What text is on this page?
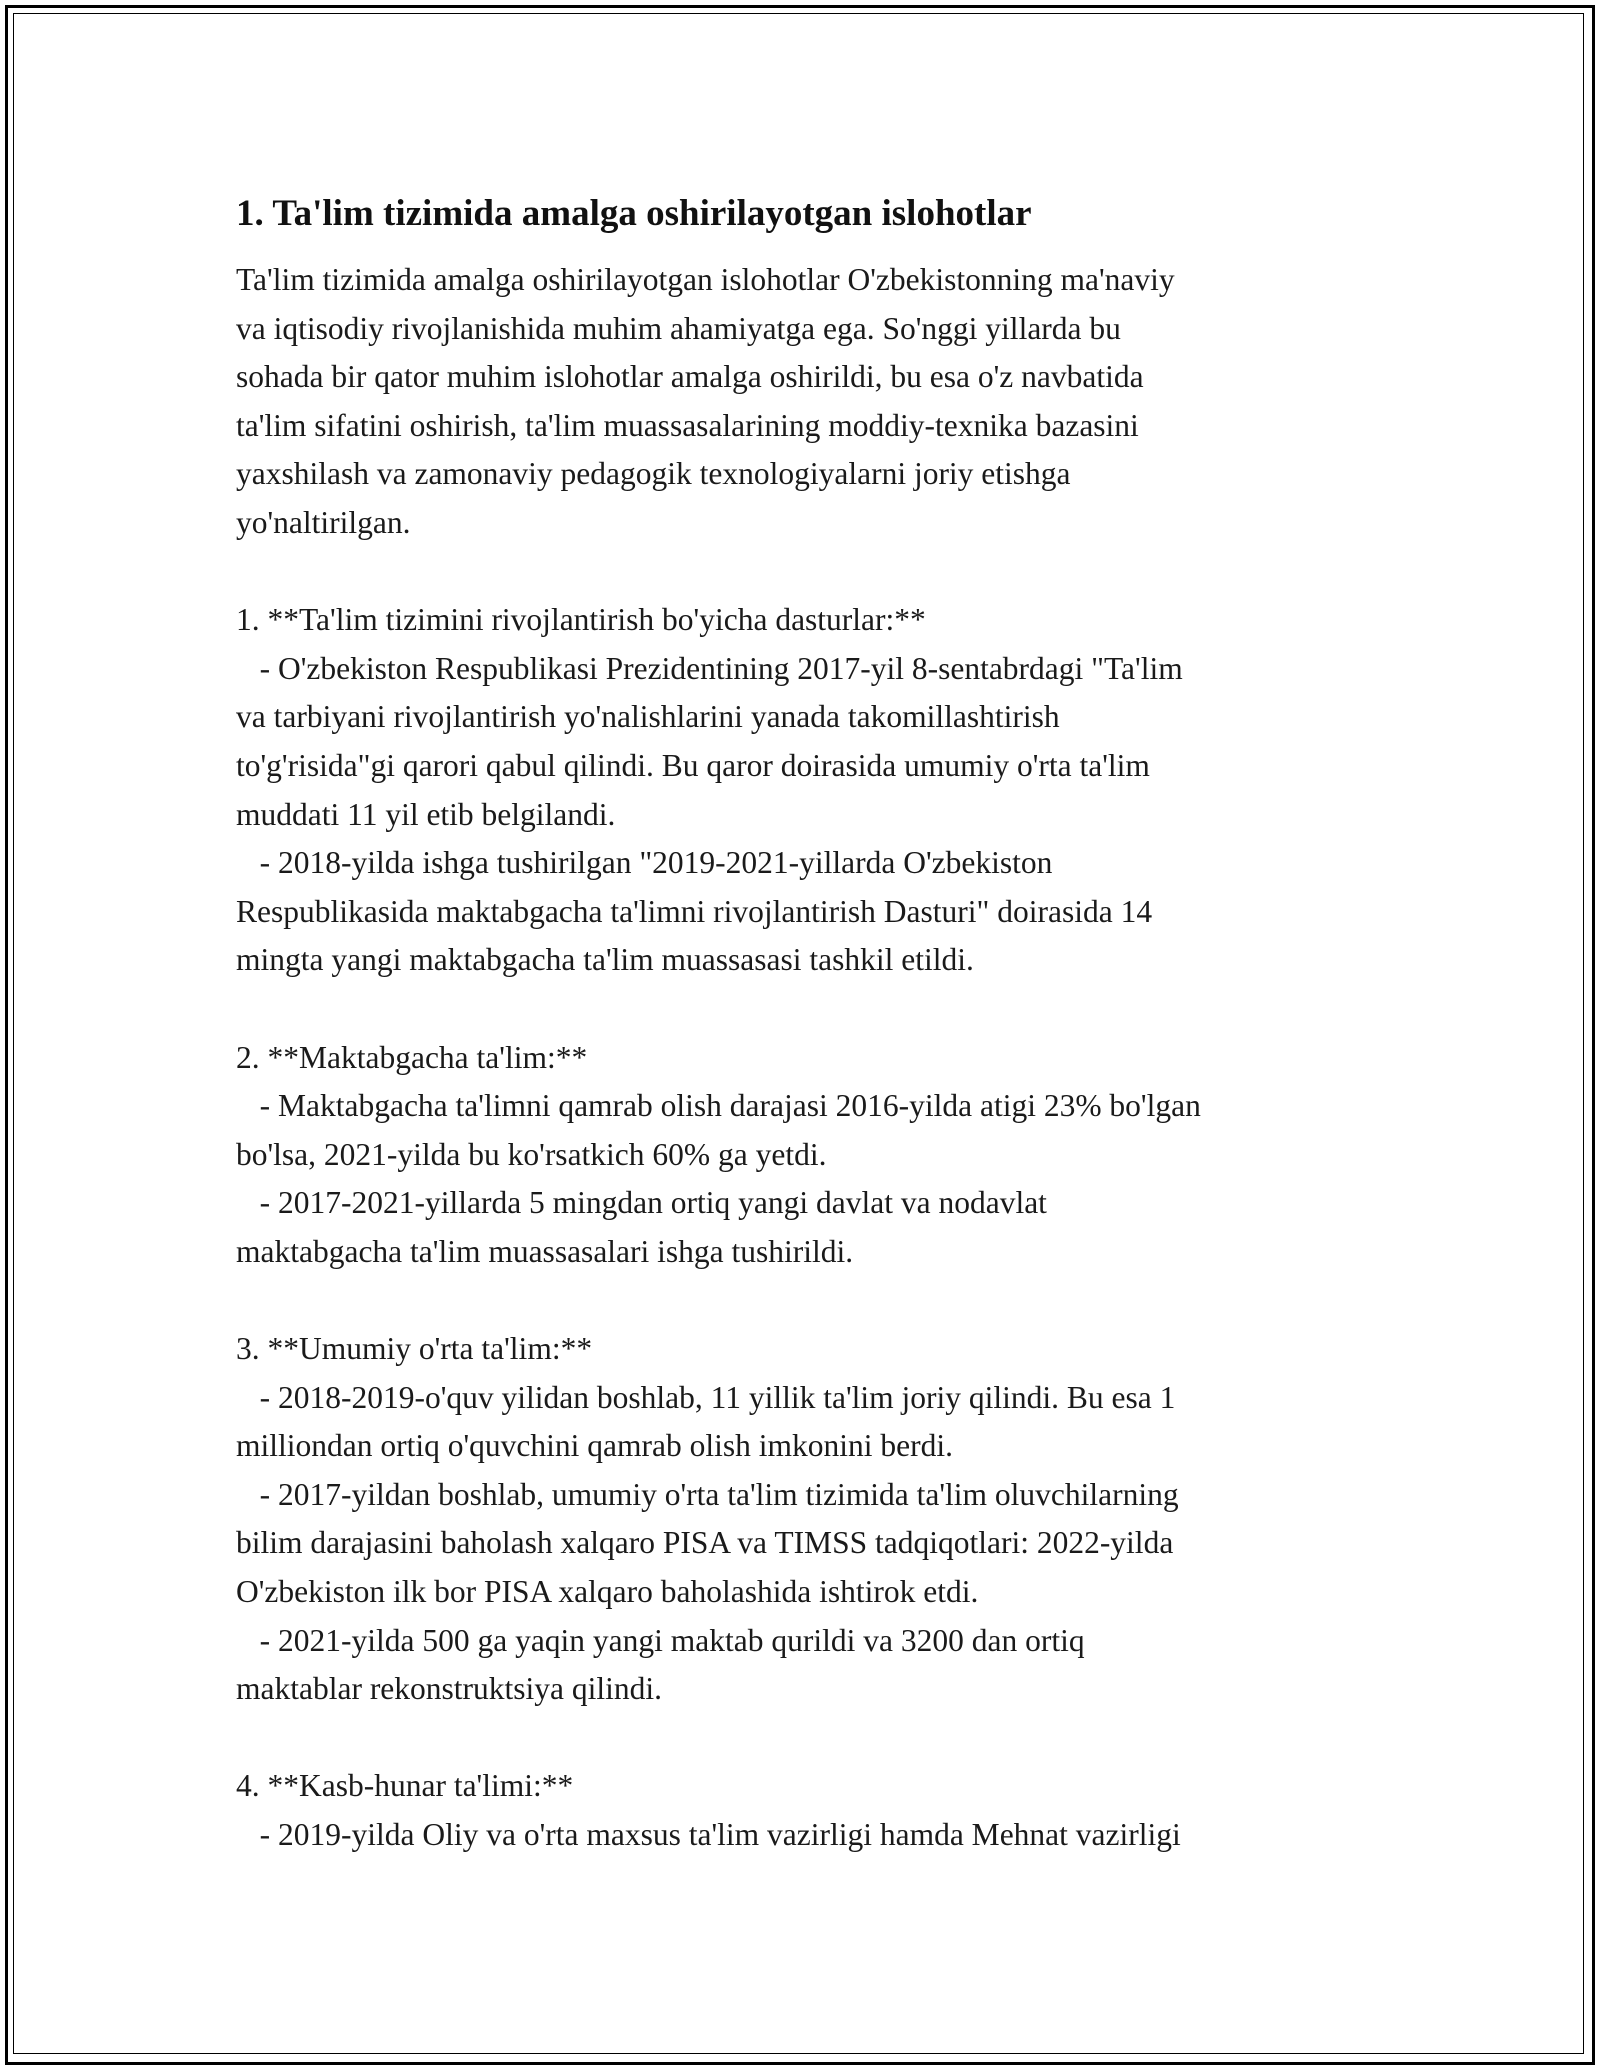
1. Ta'lim tizimida amalga oshirilayotgan islohotlar
Ta'lim tizimida amalga oshirilayotgan islohotlar O'zbekistonning ma'naviy
va iqtisodiy rivojlanishida muhim ahamiyatga ega. So'nggi yillarda bu
sohada bir qator muhim islohotlar amalga oshirildi, bu esa o'z navbatida
ta'lim sifatini oshirish, ta'lim muassasalarining moddiy-texnika bazasini
yaxshilash va zamonaviy pedagogik texnologiyalarni joriy etishga
yo'naltirilgan.

1. **Ta'lim tizimini rivojlantirish bo'yicha dasturlar:**
- O'zbekiston Respublikasi Prezidentining 2017-yil 8-sentabrdagi "Ta'lim
va tarbiyani rivojlantirish yo'nalishlarini yanada takomillashtirish
to'g'risida"gi qarori qabul qilindi. Bu qaror doirasida umumiy o'rta ta'lim
muddati 11 yil etib belgilandi.
- 2018-yilda ishga tushirilgan "2019-2021-yillarda O'zbekiston
Respublikasida maktabgacha ta'limni rivojlantirish Dasturi" doirasida 14
mingta yangi maktabgacha ta'lim muassasasi tashkil etildi.

2. **Maktabgacha ta'lim:**
- Maktabgacha ta'limni qamrab olish darajasi 2016-yilda atigi 23% bo'lgan
bo'lsa, 2021-yilda bu ko'rsatkich 60% ga yetdi.
- 2017-2021-yillarda 5 mingdan ortiq yangi davlat va nodavlat
maktabgacha ta'lim muassasalari ishga tushirildi.

3. **Umumiy o'rta ta'lim:**
- 2018-2019-o'quv yilidan boshlab, 11 yillik ta'lim joriy qilindi. Bu esa 1
milliondan ortiq o'quvchini qamrab olish imkonini berdi.
- 2017-yildan boshlab, umumiy o'rta ta'lim tizimida ta'lim oluvchilarning
bilim darajasini baholash xalqaro PISA va TIMSS tadqiqotlari: 2022-yilda
O'zbekiston ilk bor PISA xalqaro baholashida ishtirok etdi.
- 2021-yilda 500 ga yaqin yangi maktab qurildi va 3200 dan ortiq
maktablar rekonstruktsiya qilindi.

4. **Kasb-hunar ta'limi:**
- 2019-yilda Oliy va o'rta maxsus ta'lim vazirligi hamda Mehnat vazirligi
